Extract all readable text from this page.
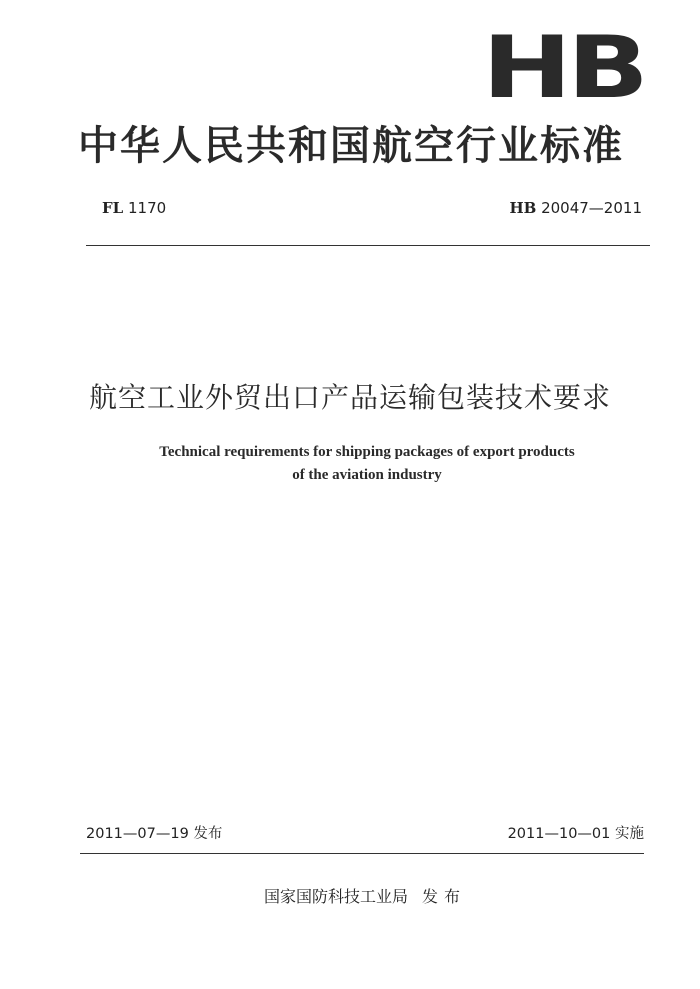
HB
中华人民共和国航空行业标准
FL 1170	HB 20047—2011
航空工业外贸出口产品运输包装技术要求
Technical requirements for shipping packages of export products
of the aviation industry
2011—07—19 发布	2011—10—01 实施
国家国防科技工业局 发布
